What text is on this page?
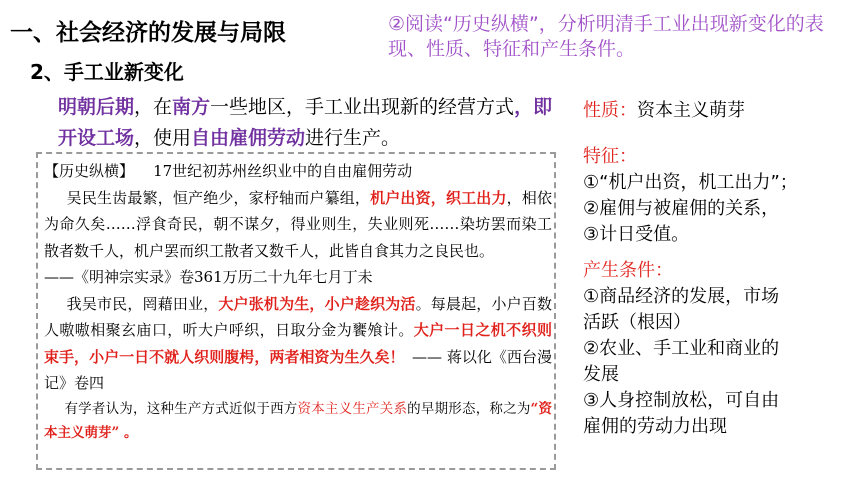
一、社会经济的发展与局限
2、手工业新变化
②阅读“历史纵横”，分析明清手工业出现新变化的表现、性质、特征和产生条件。
明朝后期，在南方一些地区，手工业出现新的经营方式，即开设工场，使用自由雇佣劳动进行生产。

【历史纵横】 17世纪初苏州丝织业中的自由雇佣劳动

  吴民生齿最繁，恒产绝少，家杼轴而户纂组，机户出资，织工出力，相依为命久矣……浮食奇民，朝不谋夕，得业则生，失业则死……染坊罢而染工散者数千人，机户罢而织工散者又数千人，此皆自食其力之良民也。

——《明神宗实录》卷361万历二十九年七月丁未

  我吴市民，罔藉田业，大户张机为生，小户趁织为活。每晨起，小户百数人嗷嗷相聚玄庙口，听大户呼织，日取分金为饔飧计。大户一日之机不织则束手，小户一日不就人织则腹枵，两者相资为生久矣！  —— 蒋以化《西台漫记》卷四

  有学者认为，这种生产方式近似于西方资本主义生产关系的早期形态，称之为“资本主义萌芽” 。

性质：资本主义萌芽
特征：
①“机户出资，机工出力”；
②雇佣与被雇佣的关系，
③计日受值。
产生条件：
①商品经济的发展，市场
活跃（根因）
②农业、手工业和商业的
发展
③人身控制放松，可自由
雇佣的劳动力出现
